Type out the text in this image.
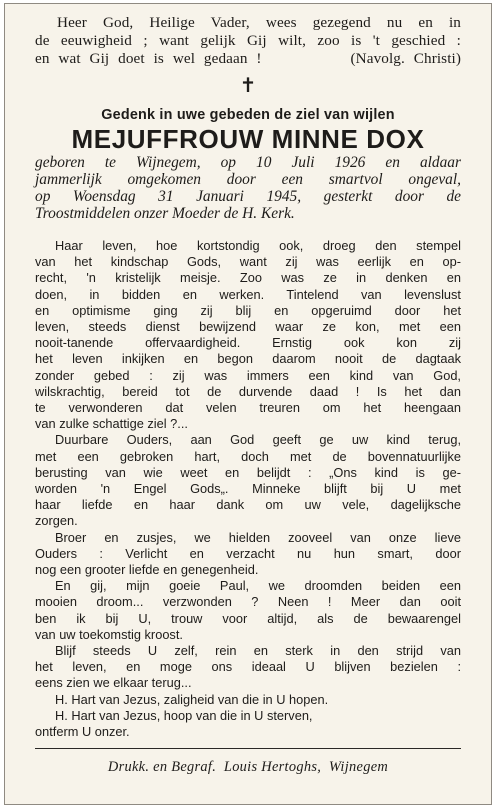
Heer God, Heilige Vader, wees gezegend nu en in
de eeuwigheid ; want gelijk Gij wilt, zoo is 't geschied :
en wat Gij doet is wel gedaan !          (Navolg. Christi)
✝

Gedenk in uwe gebeden de ziel van wijlen

MEJUFFROUW MINNE DOX

geboren te Wijnegem, op 10 Juli 1926 en aldaar
jammerlijk omgekomen door een smartvol ongeval,
op Woensdag 31 Januari 1945, gesterkt door de
Troostmiddelen onzer Moeder de H. Kerk.
Haar leven, hoe kortstondig ook, droeg den stempel
van het kindschap Gods, want zij was eerlijk en op-
recht, 'n kristelijk meisje. Zoo was ze in denken en
doen, in bidden en werken. Tintelend van levenslust
en optimisme ging zij blij en opgeruimd door het
leven, steeds dienst bewijzend waar ze kon, met een
nooit-tanende offervaardigheid. Ernstig ook kon zij
het leven inkijken en begon daarom nooit de dagtaak
zonder gebed : zij was immers een kind van God,
wilskrachtig, bereid tot de durvende daad ! Is het dan
te verwonderen dat velen treuren om het heengaan
van zulke schattige ziel ?...
Duurbare Ouders, aan God geeft ge uw kind terug,
met een gebroken hart, doch met de bovennatuurlijke
berusting van wie weet en belijdt : „Ons kind is ge-
worden 'n Engel Gods„. Minneke blijft bij U met
haar liefde en haar dank om uw vele, dagelijksche
zorgen.
Broer en zusjes, we hielden zooveel van onze lieve
Ouders : Verlicht en verzacht nu hun smart, door
nog een grooter liefde en genegenheid.
En gij, mijn goeie Paul, we droomden beiden een
mooien droom... verzwonden ? Neen ! Meer dan ooit
ben ik bij U, trouw voor altijd, als de bewaarengel
van uw toekomstig kroost.
Blijf steeds U zelf, rein en sterk in den strijd van
het leven, en moge ons ideaal U blijven bezielen :
eens zien we elkaar terug...
H. Hart van Jezus, zaligheid van die in U hopen.
H. Hart van Jezus, hoop van die in U sterven,
ontferm U onzer.
Drukk. en Begraf.  Louis Hertoghs,  Wijnegem
